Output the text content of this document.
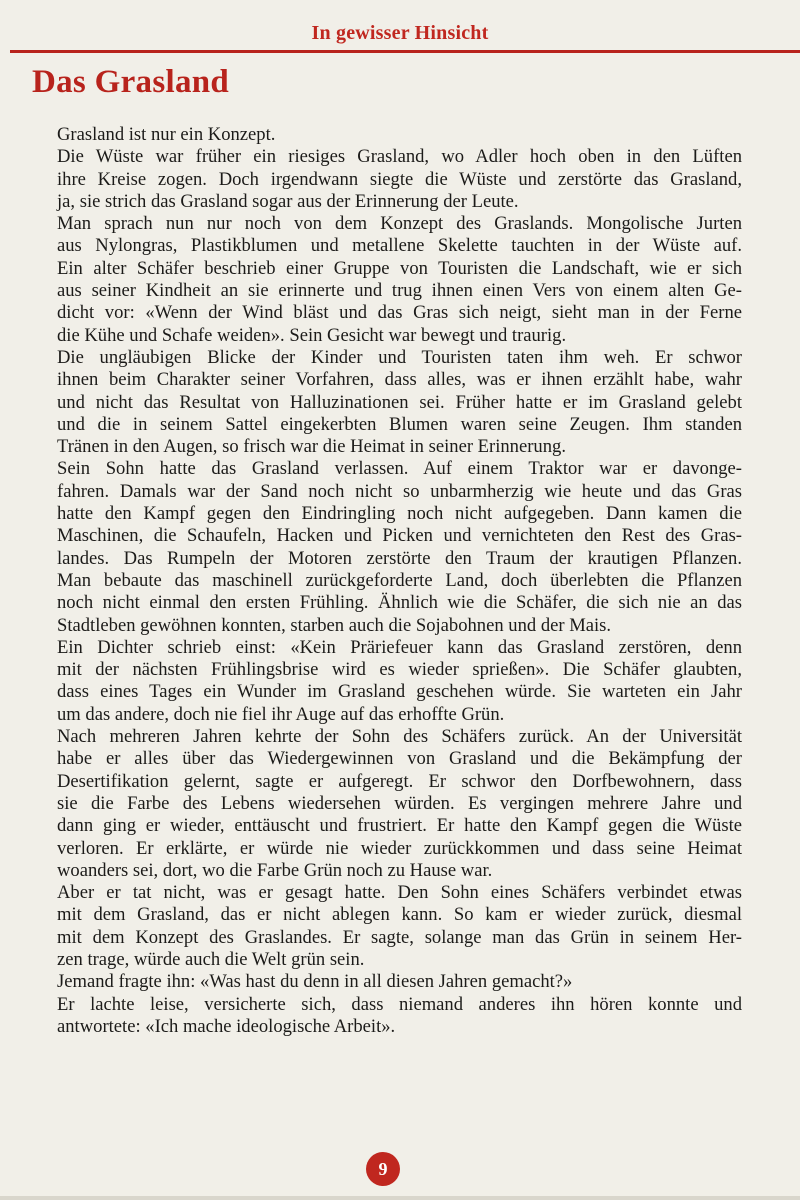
In gewisser Hinsicht
Das Grasland

Grasland ist nur ein Konzept.

Die Wüste war früher ein riesiges Grasland, wo Adler hoch oben in den Lüften
ihre Kreise zogen. Doch irgendwann siegte die Wüste und zerstörte das Grasland,
ja, sie strich das Grasland sogar aus der Erinnerung der Leute.

Man sprach nun nur noch von dem Konzept des Graslands. Mongolische Jurten
aus Nylongras, Plastikblumen und metallene Skelette tauchten in der Wüste auf.
Ein alter Schäfer beschrieb einer Gruppe von Touristen die Landschaft, wie er sich
aus seiner Kindheit an sie erinnerte und trug ihnen einen Vers von einem alten Ge-
dicht vor: «Wenn der Wind bläst und das Gras sich neigt, sieht man in der Ferne
die Kühe und Schafe weiden». Sein Gesicht war bewegt und traurig.

Die ungläubigen Blicke der Kinder und Touristen taten ihm weh. Er schwor
ihnen beim Charakter seiner Vorfahren, dass alles, was er ihnen erzählt habe, wahr
und nicht das Resultat von Halluzinationen sei. Früher hatte er im Grasland gelebt
und die in seinem Sattel eingekerbten Blumen waren seine Zeugen. Ihm standen
Tränen in den Augen, so frisch war die Heimat in seiner Erinnerung.

Sein Sohn hatte das Grasland verlassen. Auf einem Traktor war er davonge-
fahren. Damals war der Sand noch nicht so unbarmherzig wie heute und das Gras
hatte den Kampf gegen den Eindringling noch nicht aufgegeben. Dann kamen die
Maschinen, die Schaufeln, Hacken und Picken und vernichteten den Rest des Gras-
landes. Das Rumpeln der Motoren zerstörte den Traum der krautigen Pflanzen.
Man bebaute das maschinell zurückgeforderte Land, doch überlebten die Pflanzen
noch nicht einmal den ersten Frühling. Ähnlich wie die Schäfer, die sich nie an das
Stadtleben gewöhnen konnten, starben auch die Sojabohnen und der Mais.

Ein Dichter schrieb einst: «Kein Präriefeuer kann das Grasland zerstören, denn
mit der nächsten Frühlingsbrise wird es wieder sprießen». Die Schäfer glaubten,
dass eines Tages ein Wunder im Grasland geschehen würde. Sie warteten ein Jahr
um das andere, doch nie fiel ihr Auge auf das erhoffte Grün.

Nach mehreren Jahren kehrte der Sohn des Schäfers zurück. An der Universität
habe er alles über das Wiedergewinnen von Grasland und die Bekämpfung der
Desertifikation gelernt, sagte er aufgeregt. Er schwor den Dorfbewohnern, dass
sie die Farbe des Lebens wiedersehen würden. Es vergingen mehrere Jahre und
dann ging er wieder, enttäuscht und frustriert. Er hatte den Kampf gegen die Wüste
verloren. Er erklärte, er würde nie wieder zurückkommen und dass seine Heimat
woanders sei, dort, wo die Farbe Grün noch zu Hause war.

Aber er tat nicht, was er gesagt hatte. Den Sohn eines Schäfers verbindet etwas
mit dem Grasland, das er nicht ablegen kann. So kam er wieder zurück, diesmal
mit dem Konzept des Graslandes. Er sagte, solange man das Grün in seinem Her-
zen trage, würde auch die Welt grün sein.

Jemand fragte ihn: «Was hast du denn in all diesen Jahren gemacht?»

Er lachte leise, versicherte sich, dass niemand anderes ihn hören konnte und
antwortete: «Ich mache ideologische Arbeit».

9
